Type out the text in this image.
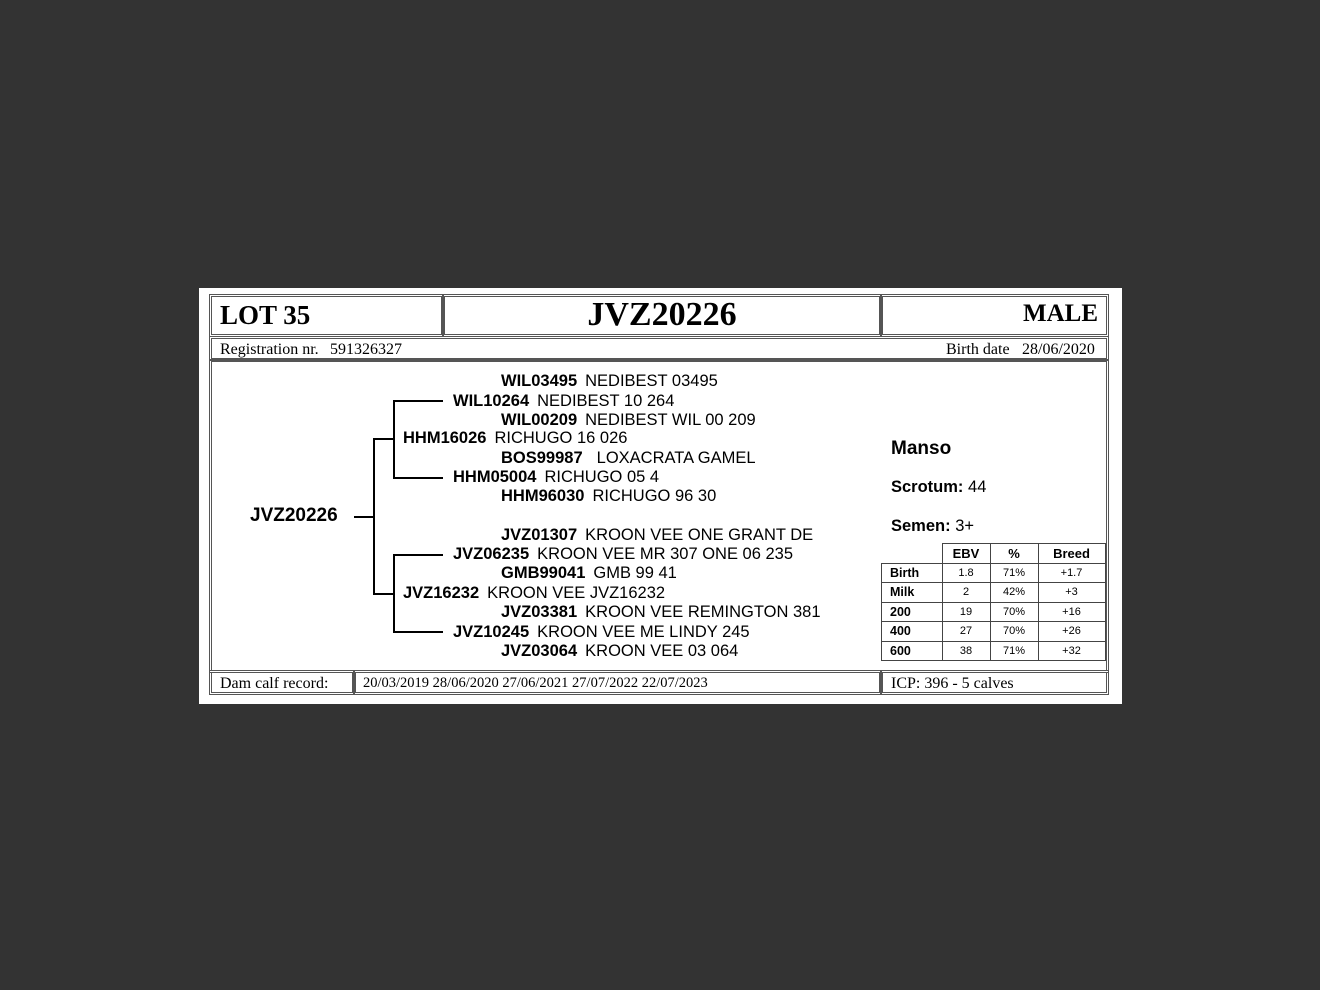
LOT 35	JVZ20226	MALE
Registration nr. 591326327	Birth date 28/06/2020
JVZ20226
WIL03495 NEDIBEST 03495
WIL10264 NEDIBEST 10 264
WIL00209 NEDIBEST WIL 00 209
HHM16026 RICHUGO 16 026
BOS99987 LOXACRATA GAMEL
HHM05004 RICHUGO 05 4
HHM96030 RICHUGO 96 30
JVZ01307 KROON VEE ONE GRANT DE
JVZ06235 KROON VEE MR 307 ONE 06 235
GMB99041 GMB 99 41
JVZ16232 KROON VEE JVZ16232
JVZ03381 KROON VEE REMINGTON 381
JVZ10245 KROON VEE ME LINDY 245
JVZ03064 KROON VEE 03 064
Manso
Scrotum: 44
Semen: 3+
	EBV	%	Breed
Birth	1.8	71%	+1.7
Milk	2	42%	+3
200	19	70%	+16
400	27	70%	+26
600	38	71%	+32
Dam calf record: 20/03/2019 28/06/2020 27/06/2021 27/07/2022 22/07/2023	ICP: 396 - 5 calves
